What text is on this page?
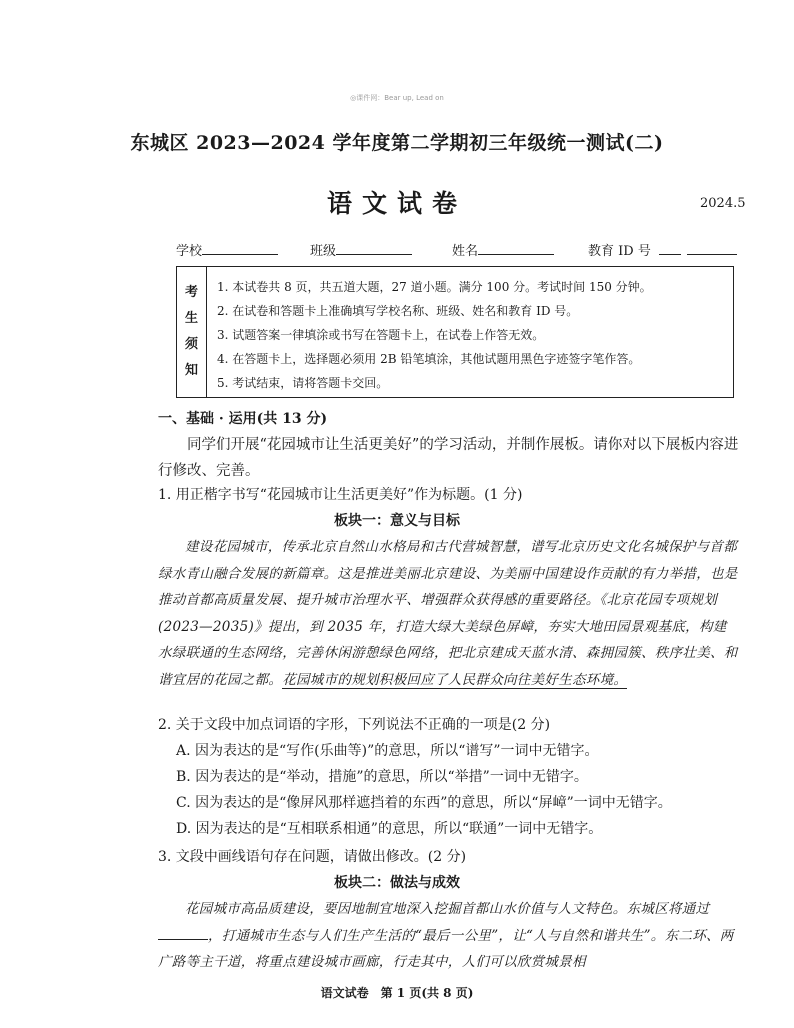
◎课件网：Bear up, Lead on
东城区 2023—2024 学年度第二学期初三年级统一测试(二)
语文试卷	2024.5
学校	班级	姓名	教育 ID 号
考
生
须
知
1. 本试卷共 8 页，共五道大题，27 道小题。满分 100 分。考试时间 150 分钟。
2. 在试卷和答题卡上准确填写学校名称、班级、姓名和教育 ID 号。
3. 试题答案一律填涂或书写在答题卡上，在试卷上作答无效。
4. 在答题卡上，选择题必须用 2B 铅笔填涂，其他试题用黑色字迹签字笔作答。
5. 考试结束，请将答题卡交回。
一、基础 · 运用(共 13 分)
同学们开展“花园城市让生活更美好”的学习活动，并制作展板。请你对以下展板内容进行修改、完善。
1. 用正楷字书写“花园城市让生活更美好”作为标题。(1 分)
板块一：意义与目标
建设花园城市，传承北京自然山水格局和古代营城智慧，谱写北京历史文化名城保护与首都绿水青山融合发展的新篇章。这是推进美丽北京建设、为美丽中国建设作贡献的有力举措，也是推动首都高质量发展、提升城市治理水平、增强群众获得感的重要路径。《北京花园专项规划(2023—2035)》提出，到 2035 年，打造大绿大美绿色屏嶂，夯实大地田园景观基底，构建水绿联通的生态网络，完善休闲游憩绿色网络，把北京建成天蓝水清、森拥园簇、秩序壮美、和谐宜居的花园之都。花园城市的规划积极回应了人民群众向往美好生态环境。
2. 关于文段中加点词语的字形，下列说法不正确的一项是(2 分)
A. 因为表达的是“写作(乐曲等)”的意思，所以“谱写”一词中无错字。
B. 因为表达的是“举动，措施”的意思，所以“举措”一词中无错字。
C. 因为表达的是“像屏风那样遮挡着的东西”的意思，所以“屏嶂”一词中无错字。
D. 因为表达的是“互相联系相通”的意思，所以“联通”一词中无错字。
3. 文段中画线语句存在问题，请做出修改。(2 分)
板块二：做法与成效
花园城市高品质建设，要因地制宜地深入挖掘首都山水价值与人文特色。东城区将通过，打通城市生态与人们生产生活的“最后一公里”，让“人与自然和谐共生”。东二环、两广路等主干道，将重点建设城市画廊，行走其中，人们可以欣赏城景相
语文试卷　第 1 页(共 8 页)
